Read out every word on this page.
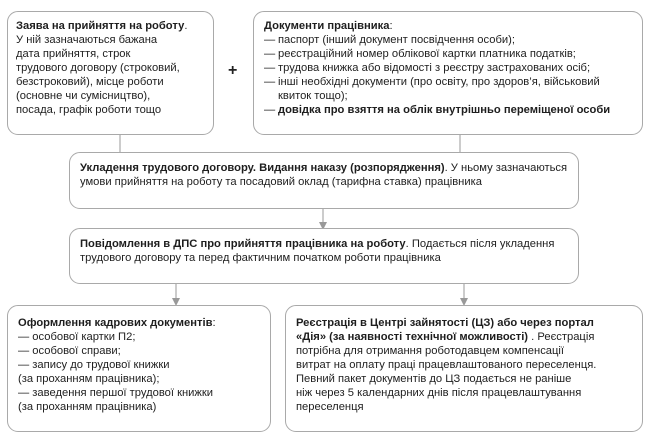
Заява на прийняття на роботу.
У ній зазначаються бажана
дата прийняття, строк
трудового договору (строковий,
безстроковий), місце роботи
(основне чи сумісництво),
посада, графік роботи тощо
+
Документи працівника:
— паспорт (інший документ посвідчення особи);
— реєстраційний номер облікової картки платника податків;
— трудова книжка або відомості з реєстру застрахованих осіб;
— інші необхідні документи (про освіту, про здоров’я, військовий
квиток тощо);
— довідка про взяття на облік внутрішньо переміщеної особи
Укладення трудового договору. Видання наказу (розпорядження). У ньому зазначаються
умови прийняття на роботу та посадовий оклад (тарифна ставка) працівника
Повідомлення в ДПС про прийняття працівника на роботу. Подається після укладення
трудового договору та перед фактичним початком роботи працівника
Оформлення кадрових документів:
— особової картки П2;
— особової справи;
— запису до трудової книжки
(за проханням працівника);
— заведення першої трудової книжки
(за проханням працівника)
Реєстрація в Центрі зайнятості (ЦЗ) або через портал
«Дія» (за наявності технічної можливості) . Реєстрація
потрібна для отримання роботодавцем компенсації
витрат на оплату праці працевлаштованого переселенця.
Певний пакет документів до ЦЗ подається не раніше
ніж через 5 календарних днів після працевлаштування
переселенця
